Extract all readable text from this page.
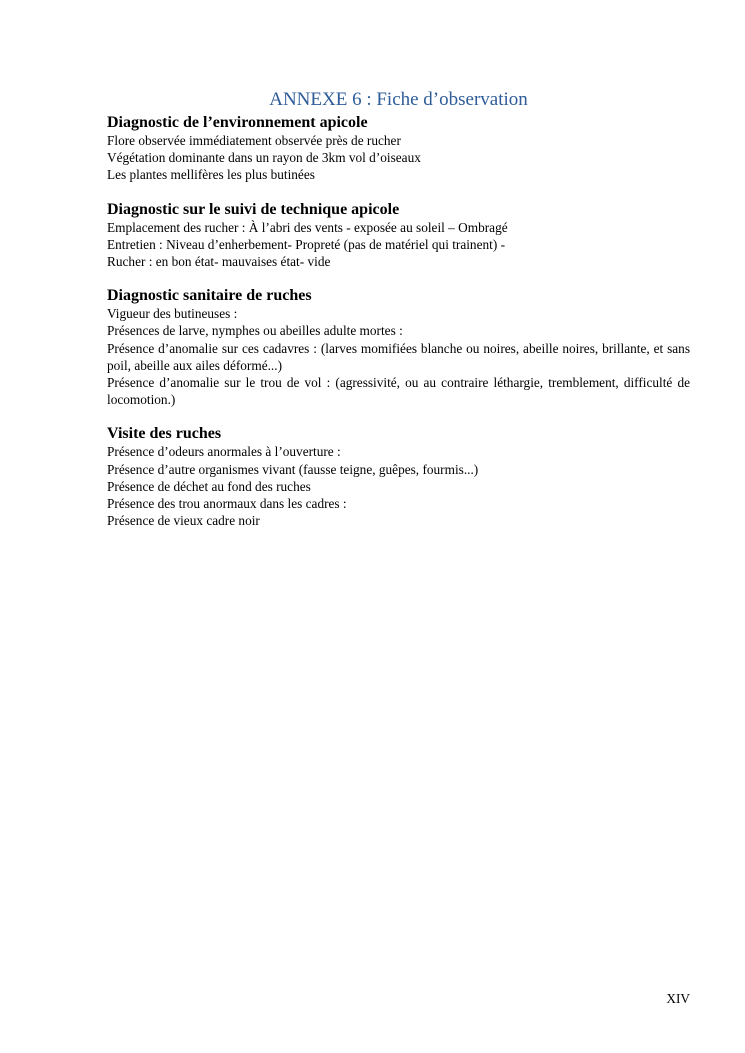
ANNEXE 6 : Fiche d’observation
Diagnostic de l’environnement apicole

Flore observée immédiatement observée près de rucher

Végétation dominante dans un rayon de 3km vol d’oiseaux

Les plantes mellifères les plus butinées

Diagnostic sur le suivi de technique apicole

Emplacement des rucher : À l’abri des vents - exposée au soleil – Ombragé

Entretien : Niveau d’enherbement- Propreté (pas de matériel qui trainent) -

Rucher : en bon état- mauvaises état- vide

Diagnostic sanitaire de ruches

Vigueur des butineuses :

Présences de larve, nymphes ou abeilles adulte mortes :

Présence d’anomalie sur ces cadavres : (larves momifiées blanche ou noires, abeille noires, brillante, et sans poil, abeille aux ailes déformé...)

Présence d’anomalie sur le trou de vol : (agressivité, ou au contraire léthargie, tremblement, difficulté de locomotion.)

Visite des ruches

Présence d’odeurs anormales à l’ouverture :

Présence d’autre organismes vivant (fausse teigne, guêpes, fourmis...)

Présence de déchet au fond des ruches

Présence des trou anormaux dans les cadres :

Présence de vieux cadre noir

XIV
